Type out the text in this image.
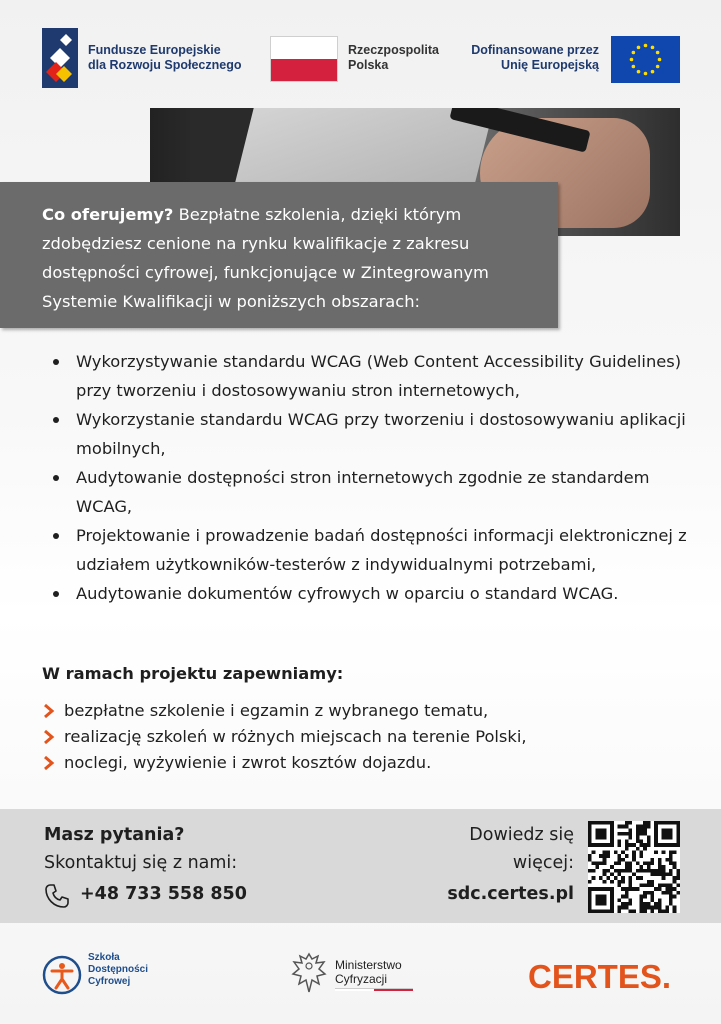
Fundusze Europejskie
dla Rozwoju Społecznego
Rzeczpospolita
Polska
Dofinansowane przez
Unię Europejską
Co oferujemy? Bezpłatne szkolenia, dzięki którym zdobędziesz cenione na rynku kwalifikacje z zakresu dostępności cyfrowej, funkcjonujące w Zintegrowanym Systemie Kwalifikacji w poniższych obszarach:
Wykorzystywanie standardu WCAG (Web Content Accessibility Guidelines) przy tworzeniu i dostosowywaniu stron internetowych,
Wykorzystanie standardu WCAG przy tworzeniu i dostosowywaniu aplikacji mobilnych,
Audytowanie dostępności stron internetowych zgodnie ze standardem WCAG,
Projektowanie i prowadzenie badań dostępności informacji elektronicznej z udziałem użytkowników-testerów z indywidualnymi potrzebami,
Audytowanie dokumentów cyfrowych w oparciu o standard WCAG.
W ramach projektu zapewniamy:
bezpłatne szkolenie i egzamin z wybranego tematu,
realizację szkoleń w różnych miejscach na terenie Polski,
noclegi, wyżywienie i zwrot kosztów dojazdu.
Masz pytania?
Skontaktuj się z nami:
+48 733 558 850
Dowiedz się
więcej:
sdc.certes.pl
Szkoła
Dostępności
Cyfrowej
Ministerstwo
Cyfryzacji	CERTES.
